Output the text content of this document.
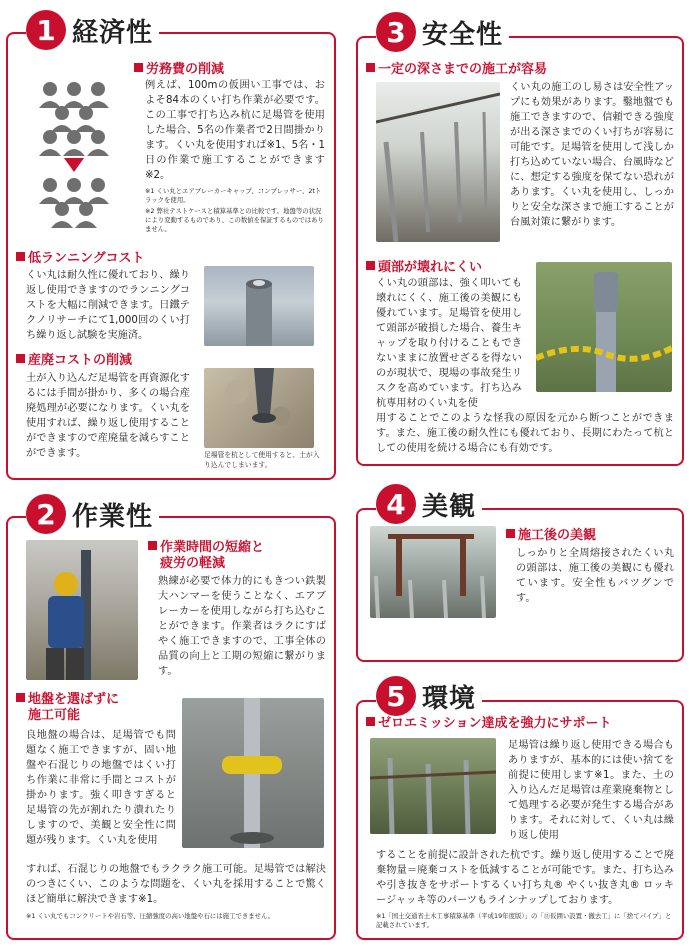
1 経済性
労務費の削減
例えば、100mの仮囲い工事では、およそ84本のくい打ち作業が必要です。この工事で打ち込み杭に足場管を使用した場合、5名の作業者で2日間掛かります。くい丸を使用すれば※1、5名・1日の作業で施工することができます※2。
※1 くい丸とエアブレーカーキャップ、コンプレッサー、2tトラックを使用。
※2 弊社テストケースと積算基準との比較です。地盤等の状況により変動するものであり、この数値を保証するものではありません。
低ランニングコスト
くい丸は耐久性に優れており、繰り返し使用できますのでランニングコストを大幅に削減できます。日鐵テクノリサーチにて1,000回のくい打ち繰り返し試験を実施済。
産廃コストの削減
土が入り込んだ足場管を再資源化するには手間が掛かり、多くの場合産廃処理が必要になります。くい丸を使用すれば、繰り返し使用することができますので産廃量を減らすことができます。	足場管を杭として使用すると、土が入り込んでしまいます。
2 作業性
作業時間の短縮と
疲労の軽減
熟練が必要で体力的にもきつい鉄製大ハンマーを使うことなく、エアブレーカーを使用しながら打ち込むことができます。作業者はラクにすばやく施工できますので、工事全体の品質の向上と工期の短縮に繋がります。
地盤を選ばずに
施工可能
良地盤の場合は、足場管でも問題なく施工できますが、固い地盤や石混じりの地盤ではくい打ち作業に非常に手間とコストが掛かります。強く叩きすぎると足場管の先が割れたり潰れたりしますので、美観と安全性に問題が残ります。くい丸を使用
すれば、石混じりの地盤でもラクラク施工可能。足場管では解決のつきにくい、このような問題を、くい丸を採用することで驚くほど簡単に解決できます※1。
※1 くい丸でもコンクリートや岩石等、圧縮強度の高い地盤や石には施工できません。
3 安全性
一定の深さまでの施工が容易
くい丸の施工のし易さは安全性アップにも効果があります。鑿地盤でも施工できますので、信頼できる強度が出る深さまでのくい打ちが容易に可能です。足場管を使用して浅しか打ち込めていない場合、台風時などに、想定する強度を保てない恐れがあります。くい丸を使用し、しっかりと安全な深さまで施工することが台風対策に繋がります。
頭部が壊れにくい
くい丸の頭部は、強く叩いても壊れにくく、施工後の美観にも優れています。足場管を使用して頭部が破損した場合、養生キャップを取り付けることもできないままに放置せざるを得ないのが現状で、現場の事故発生リスクを高めています。打ち込み杭専用材のくい丸を使
用することでこのような怪我の原因を元から断つことができます。また、施工後の耐久性にも優れており、長期にわたって杭としての使用を続ける場合にも有効です。
4 美観
施工後の美観
しっかりと全周熔接されたくい丸の頭部は、施工後の美観にも優れています。安全性もバツグンです。
5 環境
ゼロエミッション達成を強力にサポート
足場管は繰り返し使用できる場合もありますが、基本的には使い捨てを前提に使用します※1。また、土の入り込んだ足場管は産業廃棄物として処理する必要が発生する場合があります。それに対して、くい丸は繰り返し使用
することを前提に設計された杭です。繰り返し使用することで廃棄物量＝廃棄コストを低減することが可能です。また、打ち込み や引き抜きをサポートするくい打ち丸® やくい抜き丸® ロッキージャッキ等のパーツもラインナップしております。
※1「国土交通省土木工事積算基準（平成19年度版）」の「⑪仮囲い設置・撤去工」に「捨てパイプ」と記載されています。
